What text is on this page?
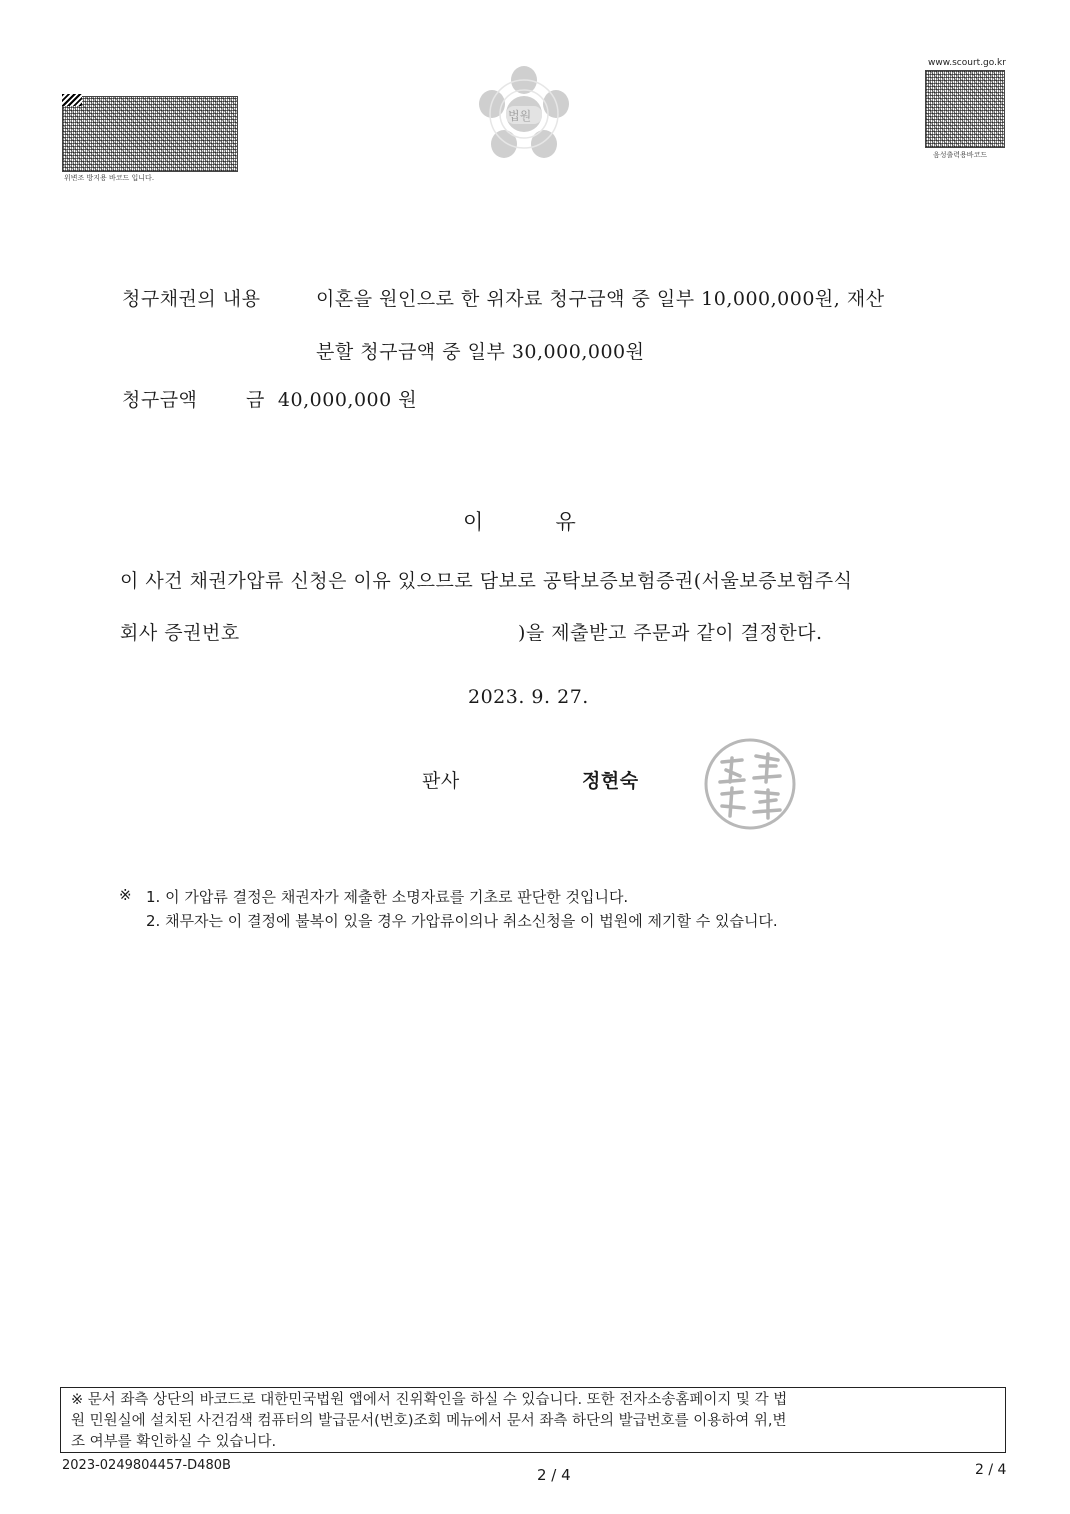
위변조 방지용 바코드 입니다.
법원
www.scourt.go.kr
음성출력용바코드
청구채권의 내용	이혼을 원인으로 한 위자료 청구금액 중 일부 10,000,000원, 재산
분할 청구금액 중 일부 30,000,000원
청구금액	금  40,000,000 원
이          유
이 사건 채권가압류 신청은 이유 있으므로 담보로 공탁보증보험증권(서울보증보험주식
회사 증권번호	)을 제출받고 주문과 같이 결정한다.
2023. 9. 27.
판사	정현숙
※ 1. 이 가압류 결정은 채권자가 제출한 소명자료를 기초로 판단한 것입니다.
2. 채무자는 이 결정에 불복이 있을 경우 가압류이의나 취소신청을 이 법원에 제기할 수 있습니다.
※ 문서 좌측 상단의 바코드로 대한민국법원 앱에서 진위확인을 하실 수 있습니다. 또한 전자소송홈페이지 및 각 법
원 민원실에 설치된 사건검색 컴퓨터의 발급문서(번호)조회 메뉴에서 문서 좌측 하단의 발급번호를 이용하여 위,변
조 여부를 확인하실 수 있습니다.
2023-0249804457-D480B
2 / 4	2 / 4
